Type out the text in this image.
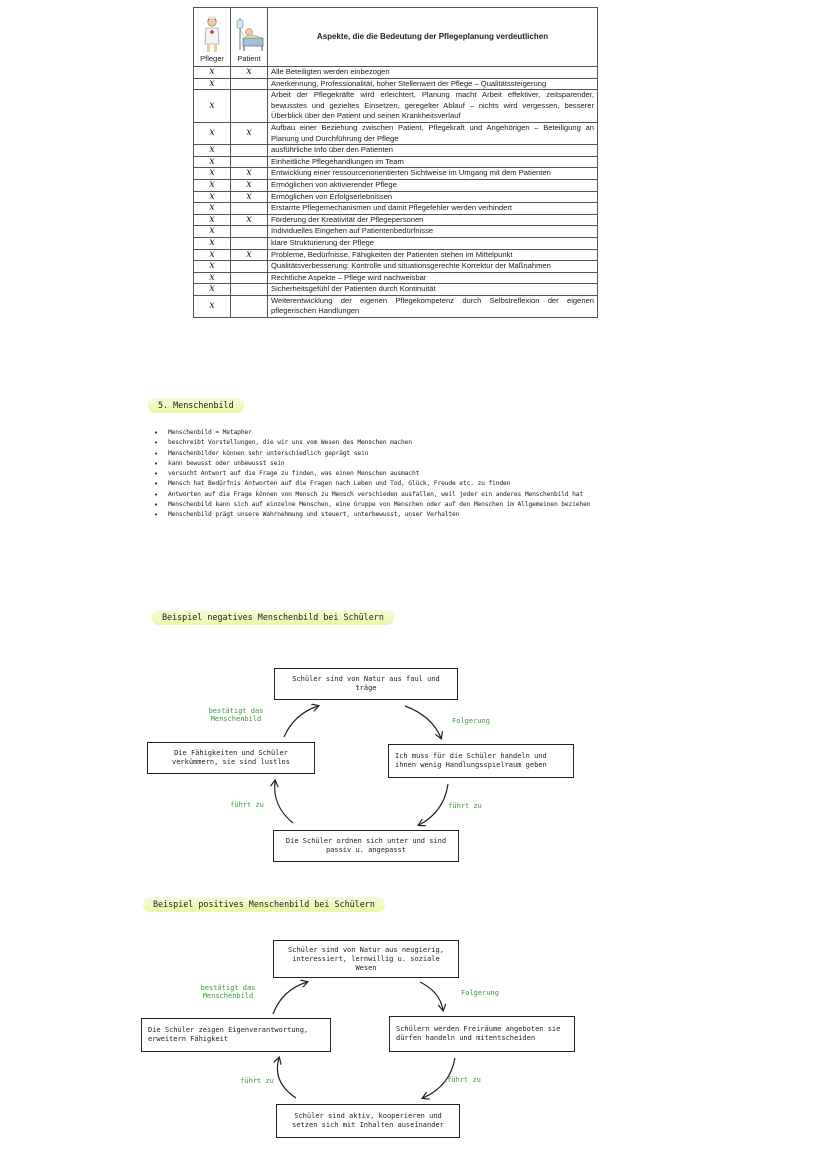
Pfleger	Patient	Aspekte, die die Bedeutung der Pflegeplanung verdeutlichen
x	x	Alle Beteiligten werden einbezogen
x		Anerkennung, Professionalität, hoher Stellenwert der Pflege – Qualitätssteigerung
x		Arbeit der Pflegekräfte wird erleichtert, Planung macht Arbeit effektiver, zeitsparender, bewusstes und gezieltes Einsetzen, geregelter Ablauf – nichts wird vergessen, besserer Überblick über den Patient und seinen Krankheitsverlauf
x	x	Aufbau einer Beziehung zwischen Patient, Pflegekraft und Angehörigen – Beteiligung an Planung und Durchführung der Pflege
x		ausführliche Info über den Patienten
x		Einheitliche Pflegehandlungen im Team
x	x	Entwicklung einer ressourcenorientierten Sichtweise im Umgang mit dem Patienten
x	x	Ermöglichen von aktivierender Pflege
x	x	Ermöglichen von Erfolgserlebnissen
x		Erstarrte Pflegemechanismen und damit Pflegefehler werden verhindert
x	x	Förderung der Kreativität der Pflegepersonen
x		Individuelles Eingehen auf Patientenbedürfnisse
x		klare Strukturierung der Pflege
x	x	Probleme, Bedürfnisse, Fähigkeiten der Patienten stehen im Mittelpunkt
x		Qualitätsverbesserung: Kontrolle und situationsgerechte Korrektur der Maßnahmen
x		Rechtliche Aspekte – Pflege wird nachweisbar
x		Sicherheitsgefühl der Patienten durch Kontinuität
x		Weiterentwicklung der eigenen Pflegekompetenz durch Selbstreflexion der eigenen pflegerischen Handlungen
5. Menschenbild
• Menschenbild = Metapher
• beschreibt Vorstellungen, die wir uns vom Wesen des Menschen machen
• Menschenbilder können sehr unterschiedlich geprägt sein
• kann bewusst oder unbewusst sein
• versucht Antwort auf die Frage zu finden, was einen Menschen ausmacht
• Mensch hat Bedürfnis Antworten auf die Fragen nach Leben und Tod, Glück, Freude etc. zu finden
• Antworten auf die Frage können von Mensch zu Mensch verschieden ausfallen, weil jeder ein anderes Menschenbild hat
• Menschenbild kann sich auf einzelne Menschen, eine Gruppe von Menschen oder auf den Menschen im Allgemeinen beziehen
• Menschenbild prägt unsere Wahrnehmung und steuert, unterbewusst, unser Verhalten
Beispiel negatives Menschenbild bei Schülern
Schüler sind von Natur aus faul und träge
Ich muss für die Schüler handeln und ihnen wenig Handlungsspielraum geben
Die Schüler ordnen sich unter und sind passiv u. angepasst
Die Fähigkeiten und Schüler verkümmern, sie sind lustlos
bestätigt das Menschenbild	Folgerung
führt zu
führt zu
Beispiel positives Menschenbild bei Schülern
Schüler sind von Natur aus neugierig, interessiert, lernwillig u. soziale Wesen
Schülern werden Freiräume angeboten sie dürfen handeln und mitentscheiden
Schüler sind aktiv, kooperieren und setzen sich mit Inhalten auseinander
Die Schüler zeigen Eigenverantwortung, erweitern Fähigkeit
bestätigt das Menschenbild	Folgerung
führt zu
führt zu
